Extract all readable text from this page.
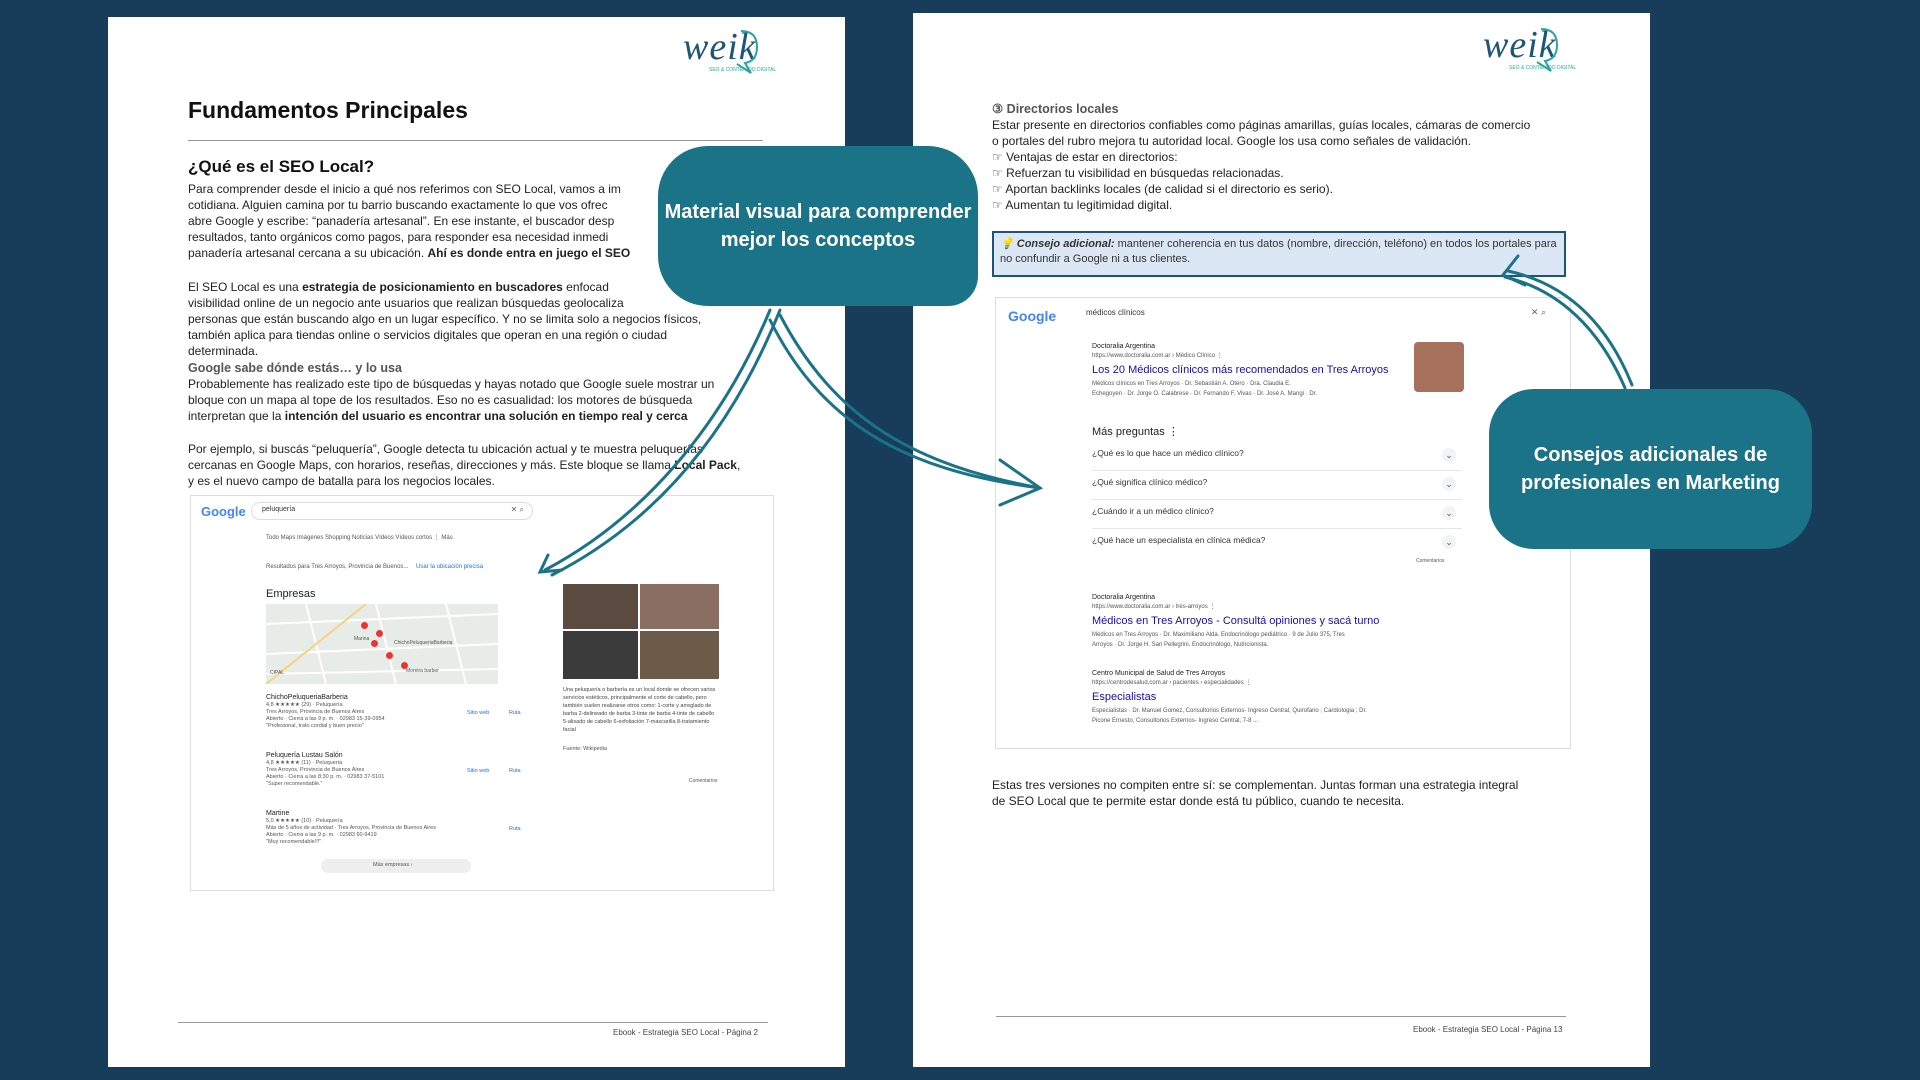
weik
SEO & CONTENIDO DIGITAL
Fundamentos Principales
¿Qué es el SEO Local?
Para comprender desde el inicio a qué nos referimos con SEO Local, vamos a im
cotidiana. Alguien camina por tu barrio buscando exactamente lo que vos ofrec
abre Google y escribe: “panadería artesanal”. En ese instante, el buscador desp
resultados, tanto orgánicos como pagos, para responder esa necesidad inmedi
panadería artesanal cercana a su ubicación. Ahí es donde entra en juego el SEO
El SEO Local es una estrategia de posicionamiento en buscadores enfocad
visibilidad online de un negocio ante usuarios que realizan búsquedas geolocaliza
personas que están buscando algo en un lugar específico. Y no se limita solo a negocios físicos,
también aplica para tiendas online o servicios digitales que operan en una región o ciudad
determinada.
Google sabe dónde estás… y lo usa
Probablemente has realizado este tipo de búsquedas y hayas notado que Google suele mostrar un
bloque con un mapa al tope de los resultados. Eso no es casualidad: los motores de búsqueda
interpretan que la intención del usuario es encontrar una solución en tiempo real y cerca
Por ejemplo, si buscás “peluquería”, Google detecta tu ubicación actual y te muestra peluquerías
cercanas en Google Maps, con horarios, reseñas, direcciones y más. Este bloque se llama Local Pack,
y es el nuevo campo de batalla para los negocios locales.
Google peluquería	✕ ⌕
Todo Maps Imágenes Shopping Noticias Vídeos Vídeos cortos ⋮ Más
Resultados para Tres Arroyos, Provincia de Buenos... Usar la ubicación precisa
Empresas
Marina
ChichoPeluqueriaBarberia
Moreira barber
CIPAL
ChichoPeluqueriaBarberia
4,8 ★★★★★ (29) · Peluquería
Tres Arroyos, Provincia de Buenos Aires
Abierto · Cierra a las 9 p. m. · 02983 15-39-0954
"Profesional, trato cordial y buen precio"
Sitio web	Ruta
Peluquería Lustau Salón
4,8 ★★★★★ (11) · Peluquería
Tres Arroyos, Provincia de Buenos Aires
Abierto · Cierra a las 8:30 p. m. · 02983 37-5101
"Super recomendable."
Sitio web	Ruta
Martine
5,0 ★★★★★ (10) · Peluquería
Más de 5 años de actividad · Tres Arroyos, Provincia de Buenos Aires
Abierto · Cierra a las 9 p. m. · 02983 60-9419
"Muy recomendable!!!"
Ruta
Más empresas ›
Una peluquería o barbería es un local donde se ofrecen varios servicios estéticos, principalmente el corte de cabello, pero también suelen realizarse otros como: 1-corte y arreglado de barba 2-delineado de barba 3-tinte de barba 4-tinte de cabello 5-alisado de cabello 6-exfoliación 7-mascarilla 8-tratamiento facial
Fuente: Wikipedia
Comentarios
Ebook - Estrategia SEO Local - Página 2
weik
SEO & CONTENIDO DIGITAL
③ Directorios locales
Estar presente en directorios confiables como páginas amarillas, guías locales, cámaras de comercio
o portales del rubro mejora tu autoridad local. Google los usa como señales de validación.
☞ Ventajas de estar en directorios:
☞ Refuerzan tu visibilidad en búsquedas relacionadas.
☞ Aportan backlinks locales (de calidad si el directorio es serio).
☞ Aumentan tu legitimidad digital.
💡 Consejo adicional: mantener coherencia en tus datos (nombre, dirección, teléfono) en todos los portales para no confundir a Google ni a tus clientes.
Google	médicos clínicos	✕ ⌕
Doctoralia Argentina
https://www.doctoralia.com.ar › Médico Clínico ⋮
Los 20 Médicos clínicos más recomendados en Tres Arroyos
Médicos clínicos en Tres Arroyos · Dr. Sebastián A. Otero · Dra. Claudia E.
Echegoyen · Dr. Jorge O. Calabrese · Dr. Fernando F. Vivas · Dr. José A. Mangi · Dr.
Más preguntas ⋮
¿Qué es lo que hace un médico clínico?	⌄
¿Qué significa clínico médico?	⌄
¿Cuándo ir a un médico clínico?	⌄
¿Qué hace un especialista en clínica médica?	⌄
Comentarios
Doctoralia Argentina
https://www.doctoralia.com.ar › tres-arroyos ⋮
Médicos en Tres Arroyos - Consultá opiniones y sacá turno
Médicos en Tres Arroyos · Dr. Maximiliano Alda. Endocrinólogo pediátrico · 9 de Julio 375, Tres
Arroyos · Dr. Jorge H. San Pellegrini. Endocrinólogo, Nutricionista.
Centro Municipal de Salud de Tres Arroyos
https://centrodesalud.com.ar › pacientes › especialidades ⋮
Especialistas
Especialistas · Dr. Manuel Gomez, Consultorios Externos- Ingreso Central, Quirofano ; Cardiologia ; Dr.
Picone Ernesto, Consultorios Externos- Ingreso Central, 7-8 ...
Estas tres versiones no compiten entre sí: se complementan. Juntas forman una estrategia integral
de SEO Local que te permite estar donde está tu público, cuando te necesita.
Ebook - Estrategia SEO Local - Página 13
Material visual para comprender mejor los conceptos
Consejos adicionales de profesionales en Marketing
